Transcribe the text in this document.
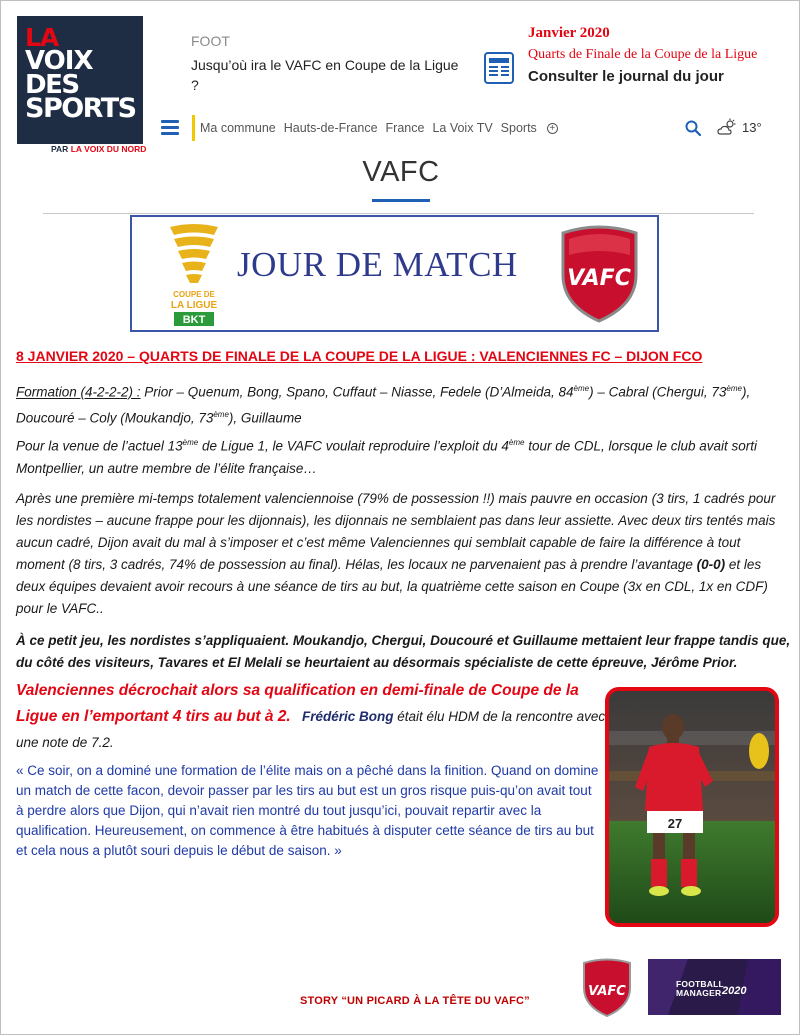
LA
VOIX
DES
SPORTS
PAR LA VOIX DU NORD
FOOT
Jusqu’où ira le VAFC en Coupe de la Ligue ?
Janvier 2020
Quarts de Finale de la Coupe de la Ligue
Consulter le journal du jour
Ma commune Hauts-de-France France La Voix TV Sports +	13°
VAFC
COUPE DE
LA LIGUE
BKT
JOUR DE MATCH VAFC
8 JANVIER 2020 – QUARTS DE FINALE DE LA COUPE DE LA LIGUE : VALENCIENNES FC – DIJON FCO
Formation (4-2-2-2) : Prior – Quenum, Bong, Spano, Cuffaut – Niasse, Fedele (D’Almeida, 84ème) – Cabral (Chergui, 73ème), Doucouré – Coly (Moukandjo, 73ème), Guillaume
Pour la venue de l’actuel 13ème de Ligue 1, le VAFC voulait reproduire l’exploit du 4ème tour de CDL, lorsque le club avait sorti Montpellier, un autre membre de l’élite française…
Après une première mi-temps totalement valenciennoise (79% de possession !!) mais pauvre en occasion (3 tirs, 1 cadrés pour les nordistes – aucune frappe pour les dijonnais), les dijonnais ne semblaient pas dans leur assiette. Avec deux tirs tentés mais aucun cadré, Dijon avait du mal à s’imposer et c’est même Valenciennes qui semblait capable de faire la différence à tout moment (8 tirs, 3 cadrés, 74% de possession au final). Hélas, les locaux ne parvenaient pas à prendre l’avantage (0-0) et les deux équipes devaient avoir recours à une séance de tirs au but, la quatrième cette saison en Coupe (3x en CDL, 1x en CDF) pour le VAFC..
À ce petit jeu, les nordistes s’appliquaient. Moukandjo, Chergui, Doucouré et Guillaume mettaient leur frappe tandis que, du côté des visiteurs, Tavares et El Melali se heurtaient au désormais spécialiste de cette épreuve, Jérôme Prior.
Valenciennes décrochait alors sa qualification en demi-finale de Coupe de la Ligue en l’emportant 4 tirs au but à 2. Frédéric Bong était élu HDM de la rencontre avec une note de 7.2.
« Ce soir, on a dominé une formation de l’élite mais on a pêché dans la finition. Quand on domine un match de cette facon, devoir passer par les tirs au but est un gros risque puis-qu’on avait tout à perdre alors que Dijon, qui n’avait rien montré du tout jusqu’ici, pouvait repartir avec la qualification. Heureusement, on commence à être habitués à disputer cette séance de tirs au but et cela nous a plutôt souri depuis le début de saison. »
27
STORY “UN PICARD À LA TÊTE DU VAFC”
VAFC	FOOTBALL
MANAGER 2020
